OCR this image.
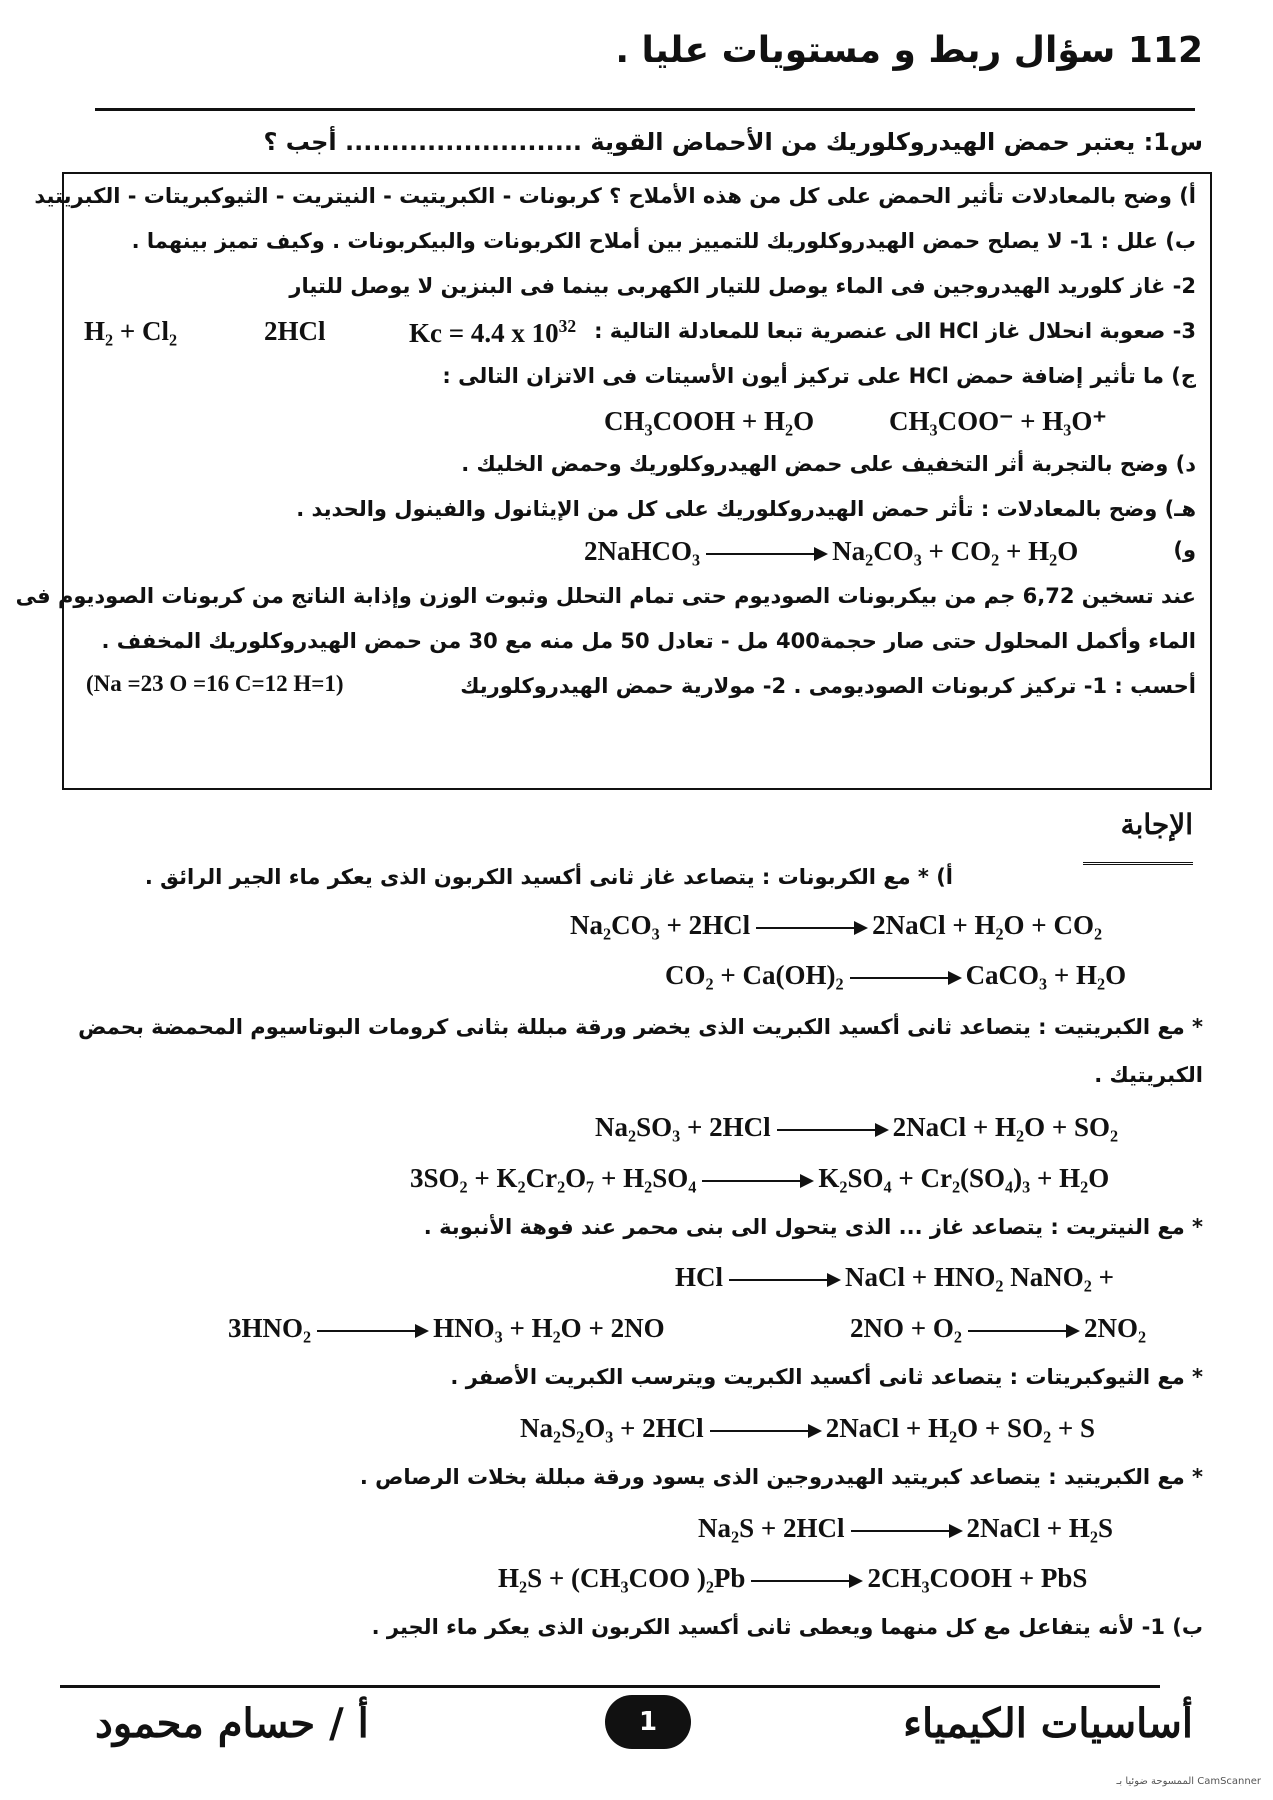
112 سؤال ربط و مستويات عليا .
س1: يعتبر حمض الهيدروكلوريك من الأحماض القوية .......................... أجب ؟
أ) وضح بالمعادلات تأثير الحمض على كل من هذه الأملاح ؟ كربونات - الكبريتيت - النيتريت - الثيوكبريتات - الكبريتيد
ب) علل : 1- لا يصلح حمض الهيدروكلوريك للتمييز بين أملاح الكربونات والبيكربونات . وكيف تميز بينهما .
2- غاز كلوريد الهيدروجين فى الماء يوصل للتيار الكهربى بينما فى البنزين لا يوصل للتيار
3- صعوبة انحلال غاز HCl الى عنصرية تبعا للمعادلة التالية :
Kc = 4.4 x $10^{32}$
2HCl
H₂ + Cl₂
ج) ما تأثير إضافة حمض HCl على تركيز أيون الأسيتات فى الاتزان التالى :
CH₃COOH + H₂O	CH₃COO⁻ + H₃O⁺
د) وضح بالتجربة أثر التخفيف على حمض الهيدروكلوريك وحمض الخليك .
هـ) وضح بالمعادلات : تأثر حمض الهيدروكلوريك على كل من الإيثانول والفينول والحديد .
2NaHCO₃	Na₂CO₃ + CO₂ + H₂O	و)
عند تسخين 6,72 جم من بيكربونات الصوديوم حتى تمام التحلل وثبوت الوزن وإذابة الناتج من كربونات الصوديوم فى
الماء وأكمل المحلول حتى صار حجمة400 مل - تعادل 50 مل منه مع 30 من حمض الهيدروكلوريك المخفف .
أحسب : 1- تركيز كربونات الصوديومى . 2- مولارية حمض الهيدروكلوريك
(Na =23 O =16 C=12 H=1)
الإجابة
أ) * مع الكربونات : يتصاعد غاز ثانى أكسيد الكربون الذى يعكر ماء الجير الرائق .
Na₂CO₃ + 2HCl	2NaCl + H₂O + CO₂
CO₂ + Ca(OH)₂	CaCO₃ + H₂O
* مع الكبريتيت : يتصاعد ثانى أكسيد الكبريت الذى يخضر ورقة مبللة بثانى كرومات البوتاسيوم المحمضة بحمض
الكبريتيك .
Na₂SO₃ + 2HCl	2NaCl + H₂O + SO₂
3SO₂ + K₂Cr₂O₇ + H₂SO₄	K₂SO₄ + Cr₂(SO₄)₃ + H₂O
* مع النيتريت : يتصاعد غاز ... الذى يتحول الى بنى محمر عند فوهة الأنبوبة .
HCl	NaCl + HNO₂ NaNO₂ +
3HNO₂	HNO₃ + H₂O + 2NO	2NO + O₂	2NO₂
* مع الثيوكبريتات : يتصاعد ثانى أكسيد الكبريت ويترسب الكبريت الأصفر .
Na₂S₂O₃ + 2HCl	2NaCl + H₂O + SO₂ + S
* مع الكبريتيد : يتصاعد كبريتيد الهيدروجين الذى يسود ورقة مبللة بخلات الرصاص .
Na₂S + 2HCl	2NaCl + H₂S
H₂S + (CH₃COO )₂Pb	2CH₃COOH + PbS
ب) 1- لأنه يتفاعل مع كل منهما ويعطى ثانى أكسيد الكربون الذى يعكر ماء الجير .
أ / حسام محمود	1	أساسيات الكيمياء
الممسوحة ضوئيا بـ CamScanner
